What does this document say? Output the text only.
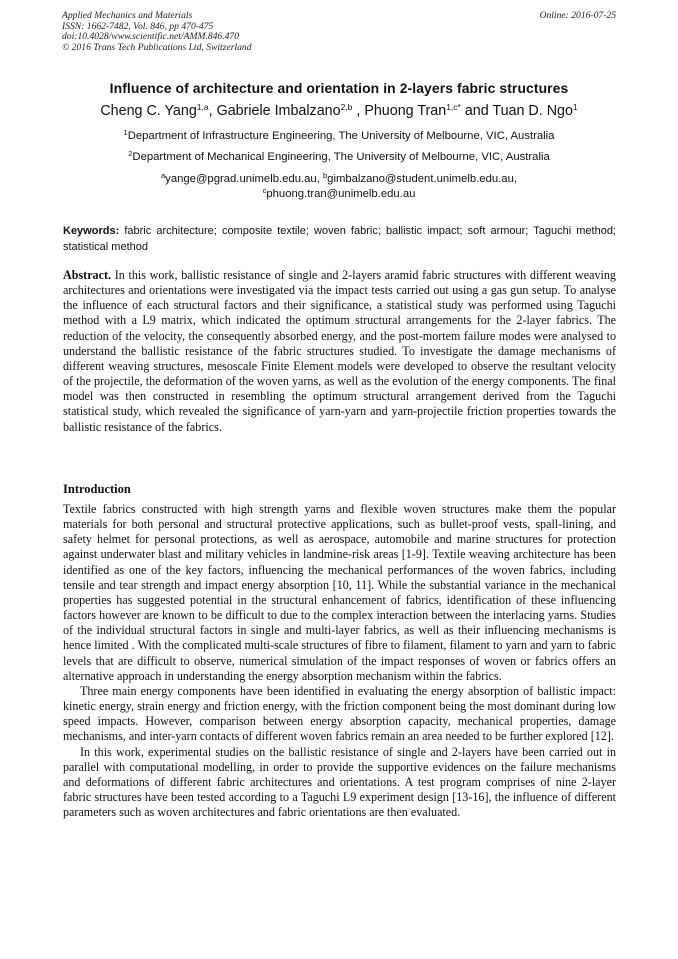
Applied Mechanics and Materials
ISSN: 1662-7482, Vol. 846, pp 470-475
doi:10.4028/www.scientific.net/AMM.846.470
© 2016 Trans Tech Publications Ltd, Switzerland
Online: 2016-07-25
Influence of architecture and orientation in 2-layers fabric structures
Cheng C. Yang$^{1,a}$, Gabriele Imbalzano$^{2,b}$ , Phuong Tran$^{1,c*}$ and Tuan D. Ngo$^1$
$^1$Department of Infrastructure Engineering, The University of Melbourne, VIC, Australia
$^2$Department of Mechanical Engineering, The University of Melbourne, VIC, Australia
$^a$yange@pgrad.unimelb.edu.au, $^b$gimbalzano@student.unimelb.edu.au,
$^c$phuong.tran@unimelb.edu.au
Keywords: fabric architecture; composite textile; woven fabric; ballistic impact; soft armour; Taguchi method; statistical method

Abstract. In this work, ballistic resistance of single and 2-layers aramid fabric structures with different weaving architectures and orientations were investigated via the impact tests carried out using a gas gun setup. To analyse the influence of each structural factors and their significance, a statistical study was performed using Taguchi method with a L9 matrix, which indicated the optimum structural arrangements for the 2-layer fabrics. The reduction of the velocity, the consequently absorbed energy, and the post-mortem failure modes were analysed to understand the ballistic resistance of the fabric structures studied. To investigate the damage mechanisms of different weaving structures, mesoscale Finite Element models were developed to observe the resultant velocity of the projectile, the deformation of the woven yarns, as well as the evolution of the energy components. The final model was then constructed in resembling the optimum structural arrangement derived from the Taguchi statistical study, which revealed the significance of yarn-yarn and yarn-projectile friction properties towards the ballistic resistance of the fabrics.

Introduction

Textile fabrics constructed with high strength yarns and flexible woven structures make them the popular materials for both personal and structural protective applications, such as bullet-proof vests, spall-lining, and safety helmet for personal protections, as well as aerospace, automobile and marine structures for protection against underwater blast and military vehicles in landmine-risk areas [1-9]. Textile weaving architecture has been identified as one of the key factors, influencing the mechanical performances of the woven fabrics, including tensile and tear strength and impact energy absorption [10, 11]. While the substantial variance in the mechanical properties has suggested potential in the structural enhancement of fabrics, identification of these influencing factors however are known to be difficult to due to the complex interaction between the interlacing yarns. Studies of the individual structural factors in single and multi-layer fabrics, as well as their influencing mechanisms is hence limited . With the complicated multi-scale structures of fibre to filament, filament to yarn and yarn to fabric levels that are difficult to observe, numerical simulation of the impact responses of woven or fabrics offers an alternative approach in understanding the energy absorption mechanism within the fabrics.

Three main energy components have been identified in evaluating the energy absorption of ballistic impact: kinetic energy, strain energy and friction energy, with the friction component being the most dominant during low speed impacts. However, comparison between energy absorption capacity, mechanical properties, damage mechanisms, and inter-yarn contacts of different woven fabrics remain an area needed to be further explored [12].

In this work, experimental studies on the ballistic resistance of single and 2-layers have been carried out in parallel with computational modelling, in order to provide the supportive evidences on the failure mechanisms and deformations of different fabric architectures and orientations. A test program comprises of nine 2-layer fabric structures have been tested according to a Taguchi L9 experiment design [13-16], the influence of different parameters such as woven architectures and fabric orientations are then evaluated.
